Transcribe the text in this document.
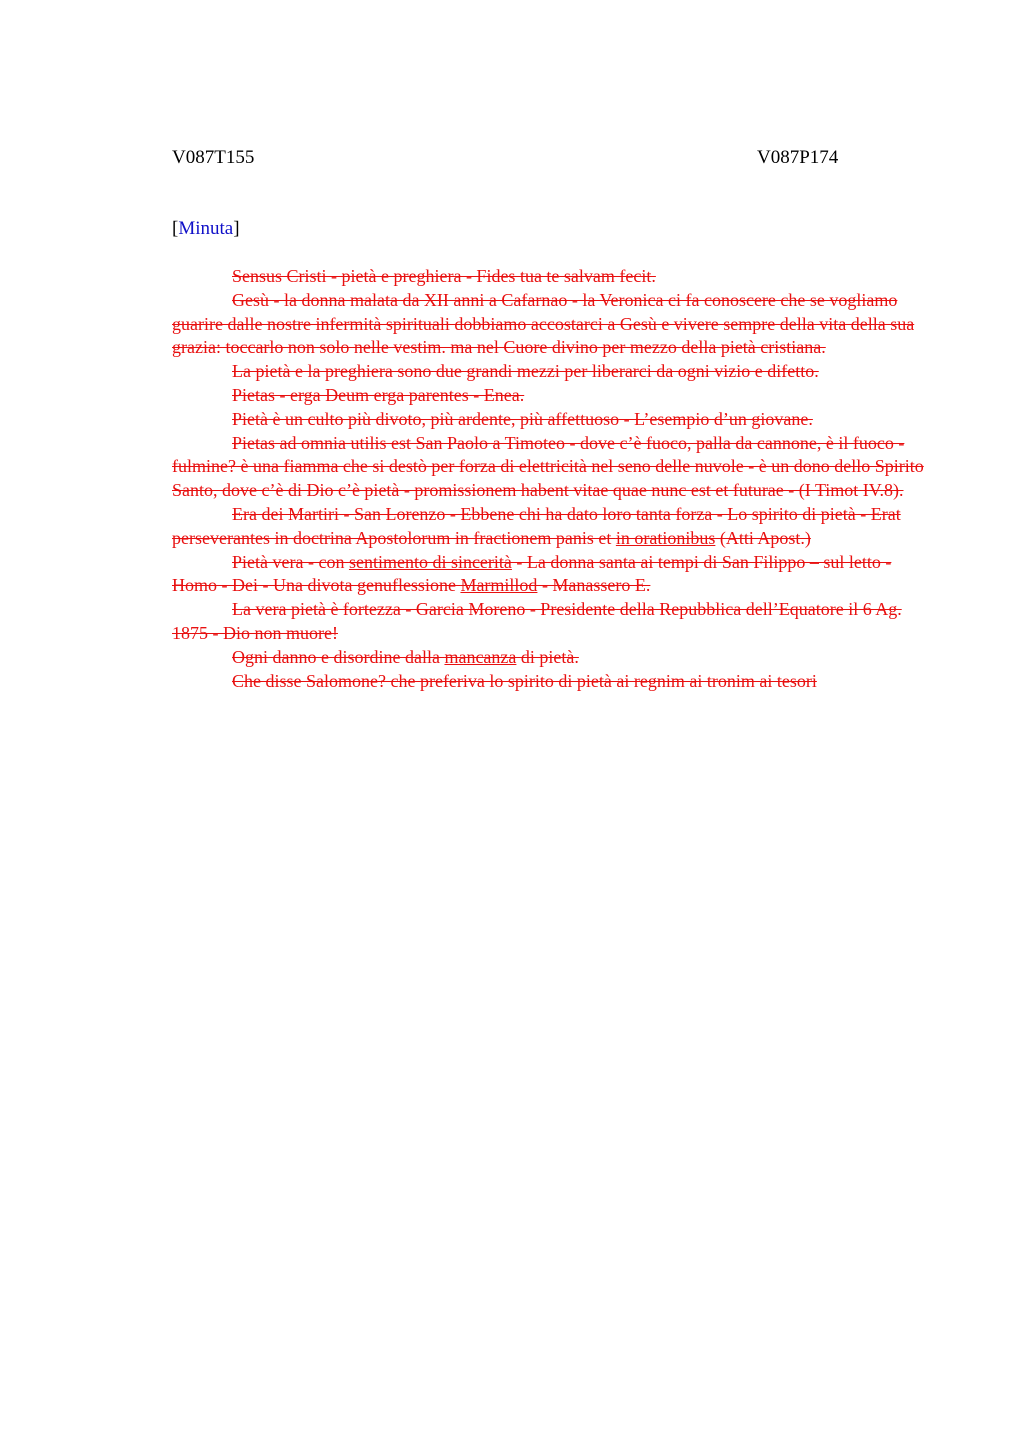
V087T155	V087P174
[Minuta]

Sensus Cristi - pietà e preghiera - Fides tua te salvam fecit.

Gesù - la donna malata da XII anni a Cafarnao - la Veronica ci fa conoscere che se vogliamo guarire dalle nostre infermità spirituali dobbiamo accostarci a Gesù e vivere sempre della vita della sua grazia: toccarlo non solo nelle vestim. ma nel Cuore divino per mezzo della pietà cristiana.

La pietà e la preghiera sono due grandi mezzi per liberarci da ogni vizio e difetto.

Pietas - erga Deum erga parentes - Enea.

Pietà è un culto più divoto, più ardente, più affettuoso - L’esempio d’un giovane.

Pietas ad omnia utilis est San Paolo a Timoteo - dove c’è fuoco, palla da cannone, è il fuoco - fulmine? è una fiamma che si destò per forza di elettricità nel seno delle nuvole - è un dono dello Spirito Santo, dove c’è di Dio c’è pietà - promissionem habent vitae quae nunc est et futurae - (I Timot IV.8).

Era dei Martiri - San Lorenzo - Ebbene chi ha dato loro tanta forza - Lo spirito di pietà - Erat perseverantes in doctrina Apostolorum in fractionem panis et in orationibus (Atti Apost.)

Pietà vera - con sentimento di sincerità - La donna santa ai tempi di San Filippo – sul letto - Homo - Dei - Una divota genuflessione Marmillod - Manassero E.

La vera pietà è fortezza - Garcia Moreno - Presidente della Repubblica dell’Equatore il 6 Ag. 1875 - Dio non muore!

Ogni danno e disordine dalla mancanza di pietà.

Che disse Salomone? che preferiva lo spirito di pietà ai regnim ai tronim ai tesori
